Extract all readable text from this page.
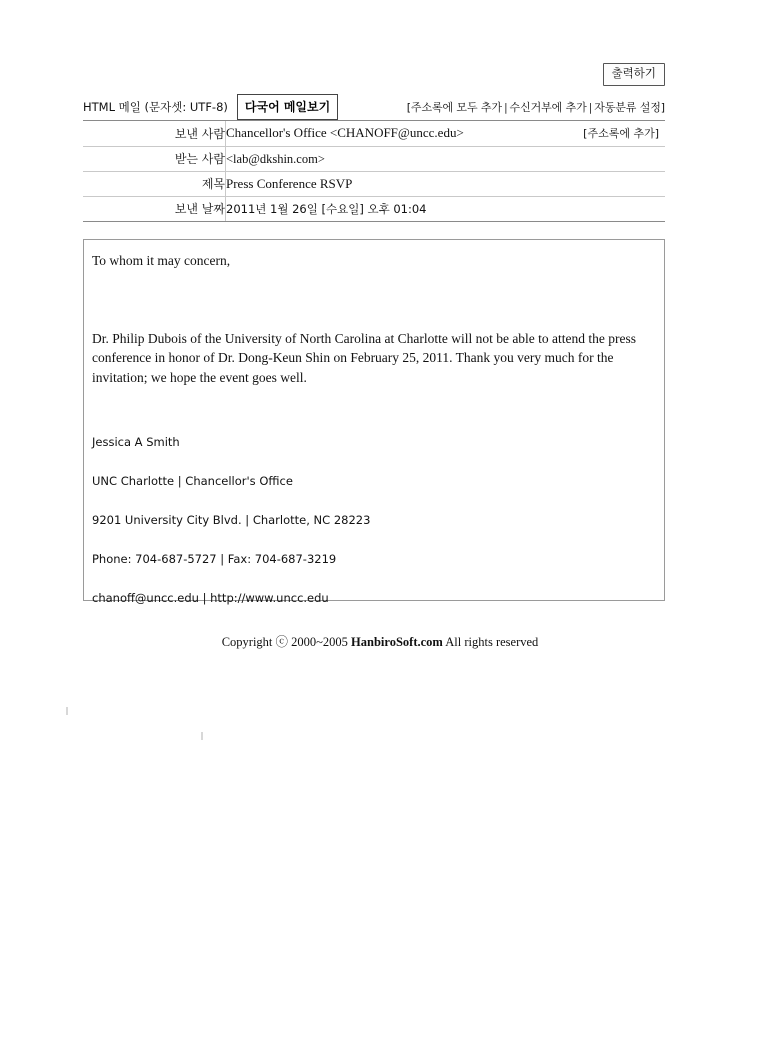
출력하기
HTML 메일 (문자셋: UTF-8)	다국어 메일보기	[주소록에 모두 추가 | 수신거부에 추가 | 자동분류 설정]
보낸 사람	Chancellor's Office <CHANOFF@uncc.edu> [주소록에 추가]

받는 사람	<lab@dkshin.com>
제목	Press Conference RSVP
보낸 날짜	2011년 1월 26일 [수요일] 오후 01:04
To whom it may concern,
Dr. Philip Dubois of the University of North Carolina at Charlotte will not be able to attend the press conference in honor of Dr. Dong-Keun Shin on February 25, 2011. Thank you very much for the invitation; we hope the event goes well.
Jessica A Smith
UNC Charlotte | Chancellor's Office
9201 University City Blvd. | Charlotte, NC 28223
Phone: 704-687-5727 | Fax: 704-687-3219
chanoff@uncc.edu | http://www.uncc.edu
Copyright ⓒ 2000~2005 HanbiroSoft.com All rights reserved
